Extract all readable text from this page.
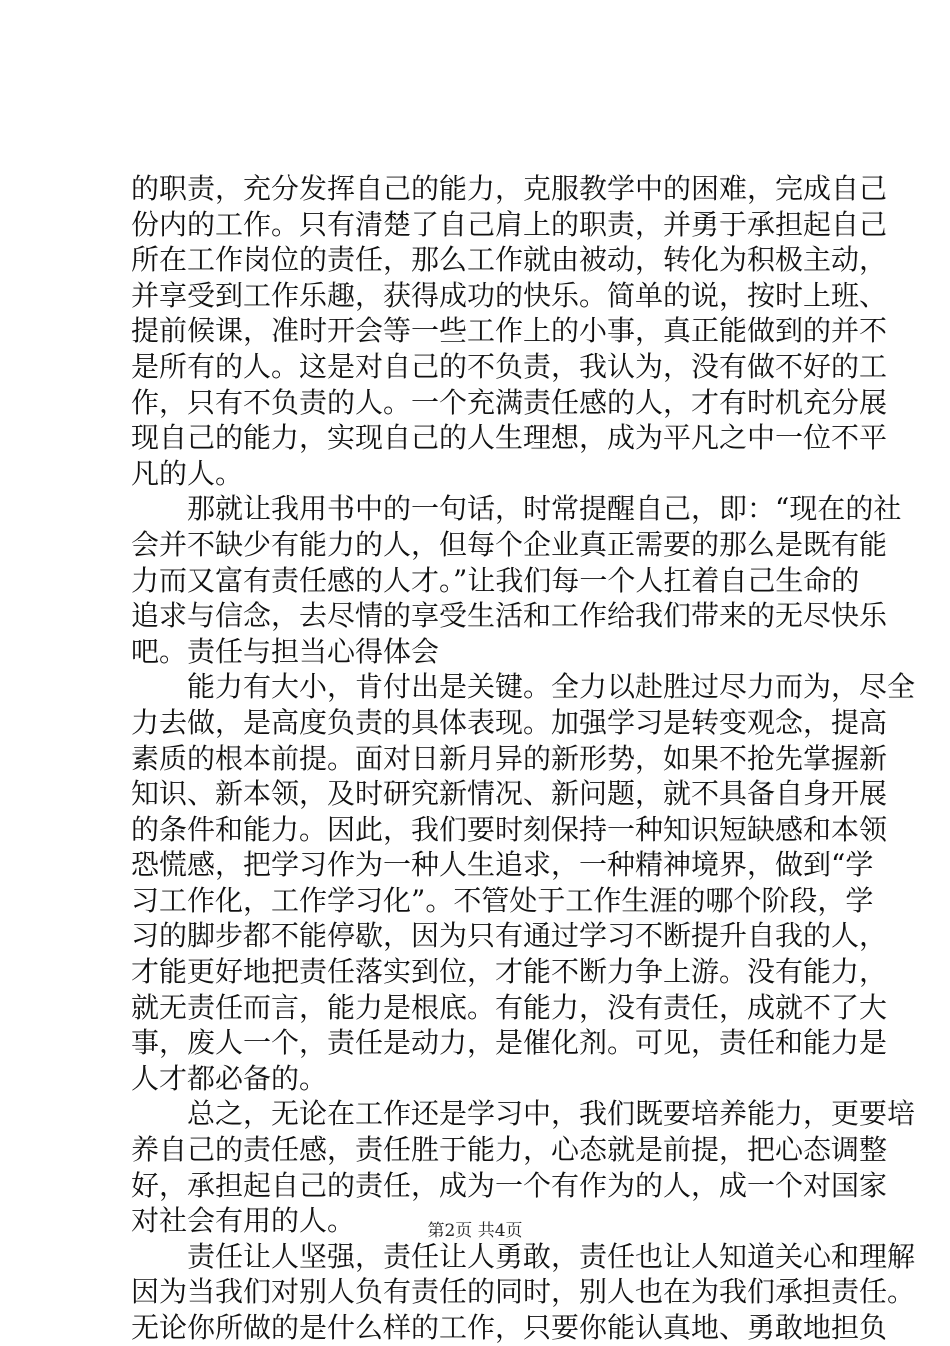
的职责，充分发挥自己的能力，克服教学中的困难，完成自己
份内的工作。只有清楚了自己肩上的职责，并勇于承担起自己
所在工作岗位的责任，那么工作就由被动，转化为积极主动，
并享受到工作乐趣，获得成功的快乐。简单的说，按时上班、
提前候课，准时开会等一些工作上的小事，真正能做到的并不
是所有的人。这是对自己的不负责，我认为，没有做不好的工
作，只有不负责的人。一个充满责任感的人，才有时机充分展
现自己的能力，实现自己的人生理想，成为平凡之中一位不平
凡的人。
　　那就让我用书中的一句话，时常提醒自己，即：“现在的社
会并不缺少有能力的人，但每个企业真正需要的那么是既有能
力而又富有责任感的人才。”让我们每一个人扛着自己生命的
追求与信念，去尽情的享受生活和工作给我们带来的无尽快乐
吧。责任与担当心得体会
　　能力有大小，肯付出是关键。全力以赴胜过尽力而为，尽全
力去做，是高度负责的具体表现。加强学习是转变观念，提高
素质的根本前提。面对日新月异的新形势，如果不抢先掌握新
知识、新本领，及时研究新情况、新问题，就不具备自身开展
的条件和能力。因此，我们要时刻保持一种知识短缺感和本领
恐慌感，把学习作为一种人生追求，一种精神境界，做到“学
习工作化，工作学习化”。不管处于工作生涯的哪个阶段，学
习的脚步都不能停歇，因为只有通过学习不断提升自我的人，
才能更好地把责任落实到位，才能不断力争上游。没有能力，
就无责任而言，能力是根底。有能力，没有责任，成就不了大
事，废人一个，责任是动力，是催化剂。可见，责任和能力是
人才都必备的。
　　总之，无论在工作还是学习中，我们既要培养能力，更要培
养自己的责任感，责任胜于能力，心态就是前提，把心态调整
好，承担起自己的责任，成为一个有作为的人，成一个对国家
对社会有用的人。
　　责任让人坚强，责任让人勇敢，责任也让人知道关心和理解
因为当我们对别人负有责任的同时，别人也在为我们承担责任。
无论你所做的是什么样的工作，只要你能认真地、勇敢地担负
第2页 共4页
